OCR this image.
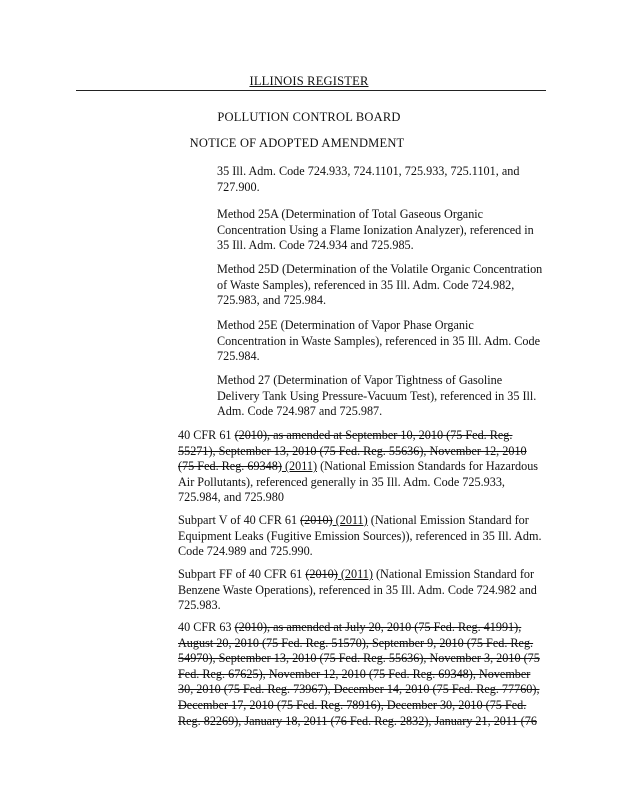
ILLINOIS REGISTER
POLLUTION CONTROL BOARD
NOTICE OF ADOPTED AMENDMENT
35 Ill. Adm. Code 724.933, 724.1101, 725.933, 725.1101, and 727.900.
Method 25A (Determination of Total Gaseous Organic Concentration Using a Flame Ionization Analyzer), referenced in 35 Ill. Adm. Code 724.934 and 725.985.
Method 25D (Determination of the Volatile Organic Concentration of Waste Samples), referenced in 35 Ill. Adm. Code 724.982, 725.983, and 725.984.
Method 25E (Determination of Vapor Phase Organic Concentration in Waste Samples), referenced in 35 Ill. Adm. Code 725.984.
Method 27 (Determination of Vapor Tightness of Gasoline Delivery Tank Using Pressure-Vacuum Test), referenced in 35 Ill. Adm. Code 724.987 and 725.987.
40 CFR 61 (2010), as amended at September 10, 2010 (75 Fed. Reg. 55271), September 13, 2010 (75 Fed. Reg. 55636), November 12, 2010 (75 Fed. Reg. 69348) (2011) (National Emission Standards for Hazardous Air Pollutants), referenced generally in 35 Ill. Adm. Code 725.933, 725.984, and 725.980
Subpart V of 40 CFR 61 (2010) (2011) (National Emission Standard for Equipment Leaks (Fugitive Emission Sources)), referenced in 35 Ill. Adm. Code 724.989 and 725.990.
Subpart FF of 40 CFR 61 (2010) (2011) (National Emission Standard for Benzene Waste Operations), referenced in 35 Ill. Adm. Code 724.982 and 725.983.
40 CFR 63 (2010), as amended at July 20, 2010 (75 Fed. Reg. 41991), August 20, 2010 (75 Fed. Reg. 51570), September 9, 2010 (75 Fed. Reg. 54970), September 13, 2010 (75 Fed. Reg. 55636), November 3, 2010 (75 Fed. Reg. 67625), November 12, 2010 (75 Fed. Reg. 69348), November 30, 2010 (75 Fed. Reg. 73967), December 14, 2010 (75 Fed. Reg. 77760), December 17, 2010 (75 Fed. Reg. 78916), December 30, 2010 (75 Fed. Reg. 82269), January 18, 2011 (76 Fed. Reg. 2832), January 21, 2011 (76
